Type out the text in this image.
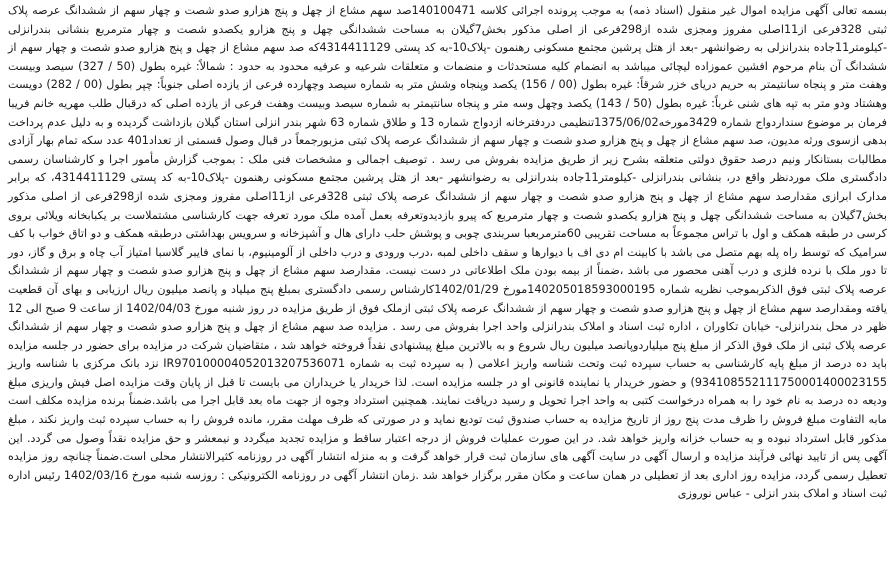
بسمه تعالی آگهی مزایده اموال غیر منقول (اسناد ذمه) به موجب پرونده اجرائی کلاسه 140100471صد سهم مشاع از چهل و پنج هزارو صدو شصت و چهار سهم از ششدانگ عرصه پلاک ثبتی 328فرعی از11اصلی مفروز ومجزی شده از298فرعی از اصلی مذکور بخش7گیلان به مساحت ششدانگی چهل و پنج هزارو یکصدو شصت و چهار مترمربع بنشانی بندرانزلی -کیلومتر11جاده بندرانزلی به رضوانشهر -بعد از هتل پرشین مجتمع مسکونی رهنمون -پلاک10-به کد پستی 4314411129که صد سهم مشاع از چهل و پنج هزارو صدو شصت و چهار سهم از ششدانگ آن بنام مرحوم افشین عموزاده لیچائی میباشد به انضمام کلیه مستحدثات و منضمات و متعلقات شرعیه و عرفیه محدود به حدود : شمالاً: غیره بطول (50 / 327) سیصد وبیست وهفت متر و پنجاه سانتیمتر به حریم دریای خزر شرقاً: غیره بطول (00 / 156) یکصد وپنجاه وشش متر به شماره سیصد وچهارده فرعی از یازده اصلی جنوباً: چپر بطول (00 / 282) دویست وهشتاد ودو متر به تپه های شنی غرباً: غیره بطول (50 / 143) یکصد وچهل وسه متر و پنجاه سانتیمتر به شماره سیصد وبیست وهفت فرعی از یازده اصلی که درقبال طلب مهریه خانم فریبا فرمان بر موضوع سنداردواج شماره 3429مورخه1375/06/02تنظیمی دردفترخانه ازدواج شماره 13 و طلاق شماره 63 شهر بندر انزلی استان گیلان بازداشت گردیده و به دلیل عدم پرداخت بدهی ازسوی ورثه مدیون، صد سهم مشاع از چهل و پنج هزارو صدو شصت و چهار سهم از ششدانگ عرصه پلاک ثبتی مزبورجمعاً در قبال وصول قسمتی از تعداد401 عدد سکه تمام بهار آزادی مطالبات بستانکار ونیم درصد حقوق دولتی متعلقه بشرح زیر از طریق مزایده بفروش می رسد . توصیف اجمالی و مشخصات فنی ملک : بموجب گزارش مأمور اجرا و کارشناسان رسمی دادگستری ملک موردنظر واقع در، بنشانی بندرانزلی -کیلومتر11جاده بندرانزلی به رضوانشهر -بعد از هتل پرشین مجتمع مسکونی رهنمون -پلاک10-به کد پستی 4314411129، که برابر مدارک ابرازی مقدارصد سهم مشاع از چهل و پنج هزارو صدو شصت و چهار سهم از ششدانگ عرصه پلاک ثبتی 328فرعی از11اصلی مفروز ومجزی شده از298فرعی از اصلی مذکور بخش7گیلان به مساحت ششدانگی چهل و پنج هزارو یکصدو شصت و چهار مترمربع که پیرو بازدیدوتعرفه بعمل آمده ملک مورد تعرفه جهت کارشناسی مشتملاست بر یکبابخانه ویلائی بروی کرسی در طبقه همکف و اول با تراس مجموعاً به مساحت تقریبی 60مترمربعبا سربندی چوبی و پوشش حلب دارای هال و آشپزخانه و سرویس بهداشتی درطبقه همکف و دو اتاق خواب با کف سرامیک که توسط راه پله بهم متصل می باشد با کابینت ام دی اف با دیوارها و سقف داخلی لمبه ،درب ورودی و درب داخلی از آلومینیوم، با نمای فایبر گلاسبا امتیاز آب چاه و برق و گاز، دور تا دور ملک با نرده فلزی و درب آهنی محصور می باشد ،ضمناً از بیمه بودن ملک اطلاعاتی در دست نیست. مقدارصد سهم مشاع از چهل و پنج هزارو صدو شصت و چهار سهم از ششدانگ عرصه پلاک ثبتی فوق الذکربموجب نظریه شماره 140205018593000195مورخ 1402/01/29کارشناس رسمی دادگستری بمبلغ پنج میلیاد و پانصد میلیون ریال ارزیابی و بهای آن قطعیت یافته ومقدارصد سهم مشاع از چهل و پنج هزارو صدو شصت و چهار سهم از ششدانگ عرصه پلاک ثبتی ازملک فوق از طریق مزایده در روز شنبه مورخ 1402/04/03 از ساعت 9 صبح الی 12 ظهر در محل بندرانزلی- خیابان تکاوران ، اداره ثبت اسناد و املاک بندرانزلی واحد اجرا بفروش می رسد . مزایده صد سهم مشاع از چهل و پنج هزارو صدو شصت و چهار سهم از ششدانگ عرصه پلاک ثبتی از ملک فوق الذکر از مبلغ پنج میلیاردوپانصد میلیون ریال شروع و به بالاترین مبلغ پیشنهادی نقداً فروخته خواهد شد ، متقاضیان شرکت در مزایده برای حضور در جلسه مزایده باید ده درصد از مبلغ پایه کارشناسی به حساب سپرده ثبت وتحت شناسه واریز اعلامی ( به سپرده ثبت به شماره IR970100004052013207536071 نزد بانک مرکزی با شناسه واریز 934108552111750001400023155) و حضور خریدار یا نماینده قانونی او در جلسه مزایده است. لذا خریدار یا خریداران می بایست تا قبل از پایان وقت مزایده اصل فیش واریزی مبلغ ودیعه ده درصد به نام خود را به همراه درخواست کتبی به واحد اجرا تحویل و رسید دریافت نمایند. همچنین استرداد وجوه از جهت ماه بعد قابل اجرا می باشد.ضمناً برنده مزایده مکلف است مابه التفاوت مبلغ فروش را ظرف مدت پنج روز از تاریخ مزایده به حساب صندوق ثبت توديع نمايد و در صورتی كه ظرف مهلت مقرر، مانده فروش را به حساب سپرده ثبت واريز نكند ، مبلغ مذکور قابل استرداد نبوده و به حساب خزانه واريز خواهد شد. در این صورت عملیات فروش از درجه اعتبار ساقط و مزایده تجدید میگردد و نیمعشر و حق مزایده نقداً وصول می گردد. این آگهی پس از تایید نهائی فرآیند مزایده و ارسال آگهی در سایت آگهی های سازمان ثبت قرار خواهد گرفت و به منزله انتشار آگهی در روزنامه کثیرالانتشار محلی است.ضمناً چنانچه روز مزایده تعطیل رسمی گردد، مزایده روز اداری بعد از تعطیلی در همان ساعت و مکان مقرر برگزار خواهد شد .زمان انتشار آگهی در روزنامه الکترونیکی : روزسه شنبه مورخ 1402/03/16 رئیس اداره ثبت اسناد و املاک بندر انزلی - عباس نوروزی
